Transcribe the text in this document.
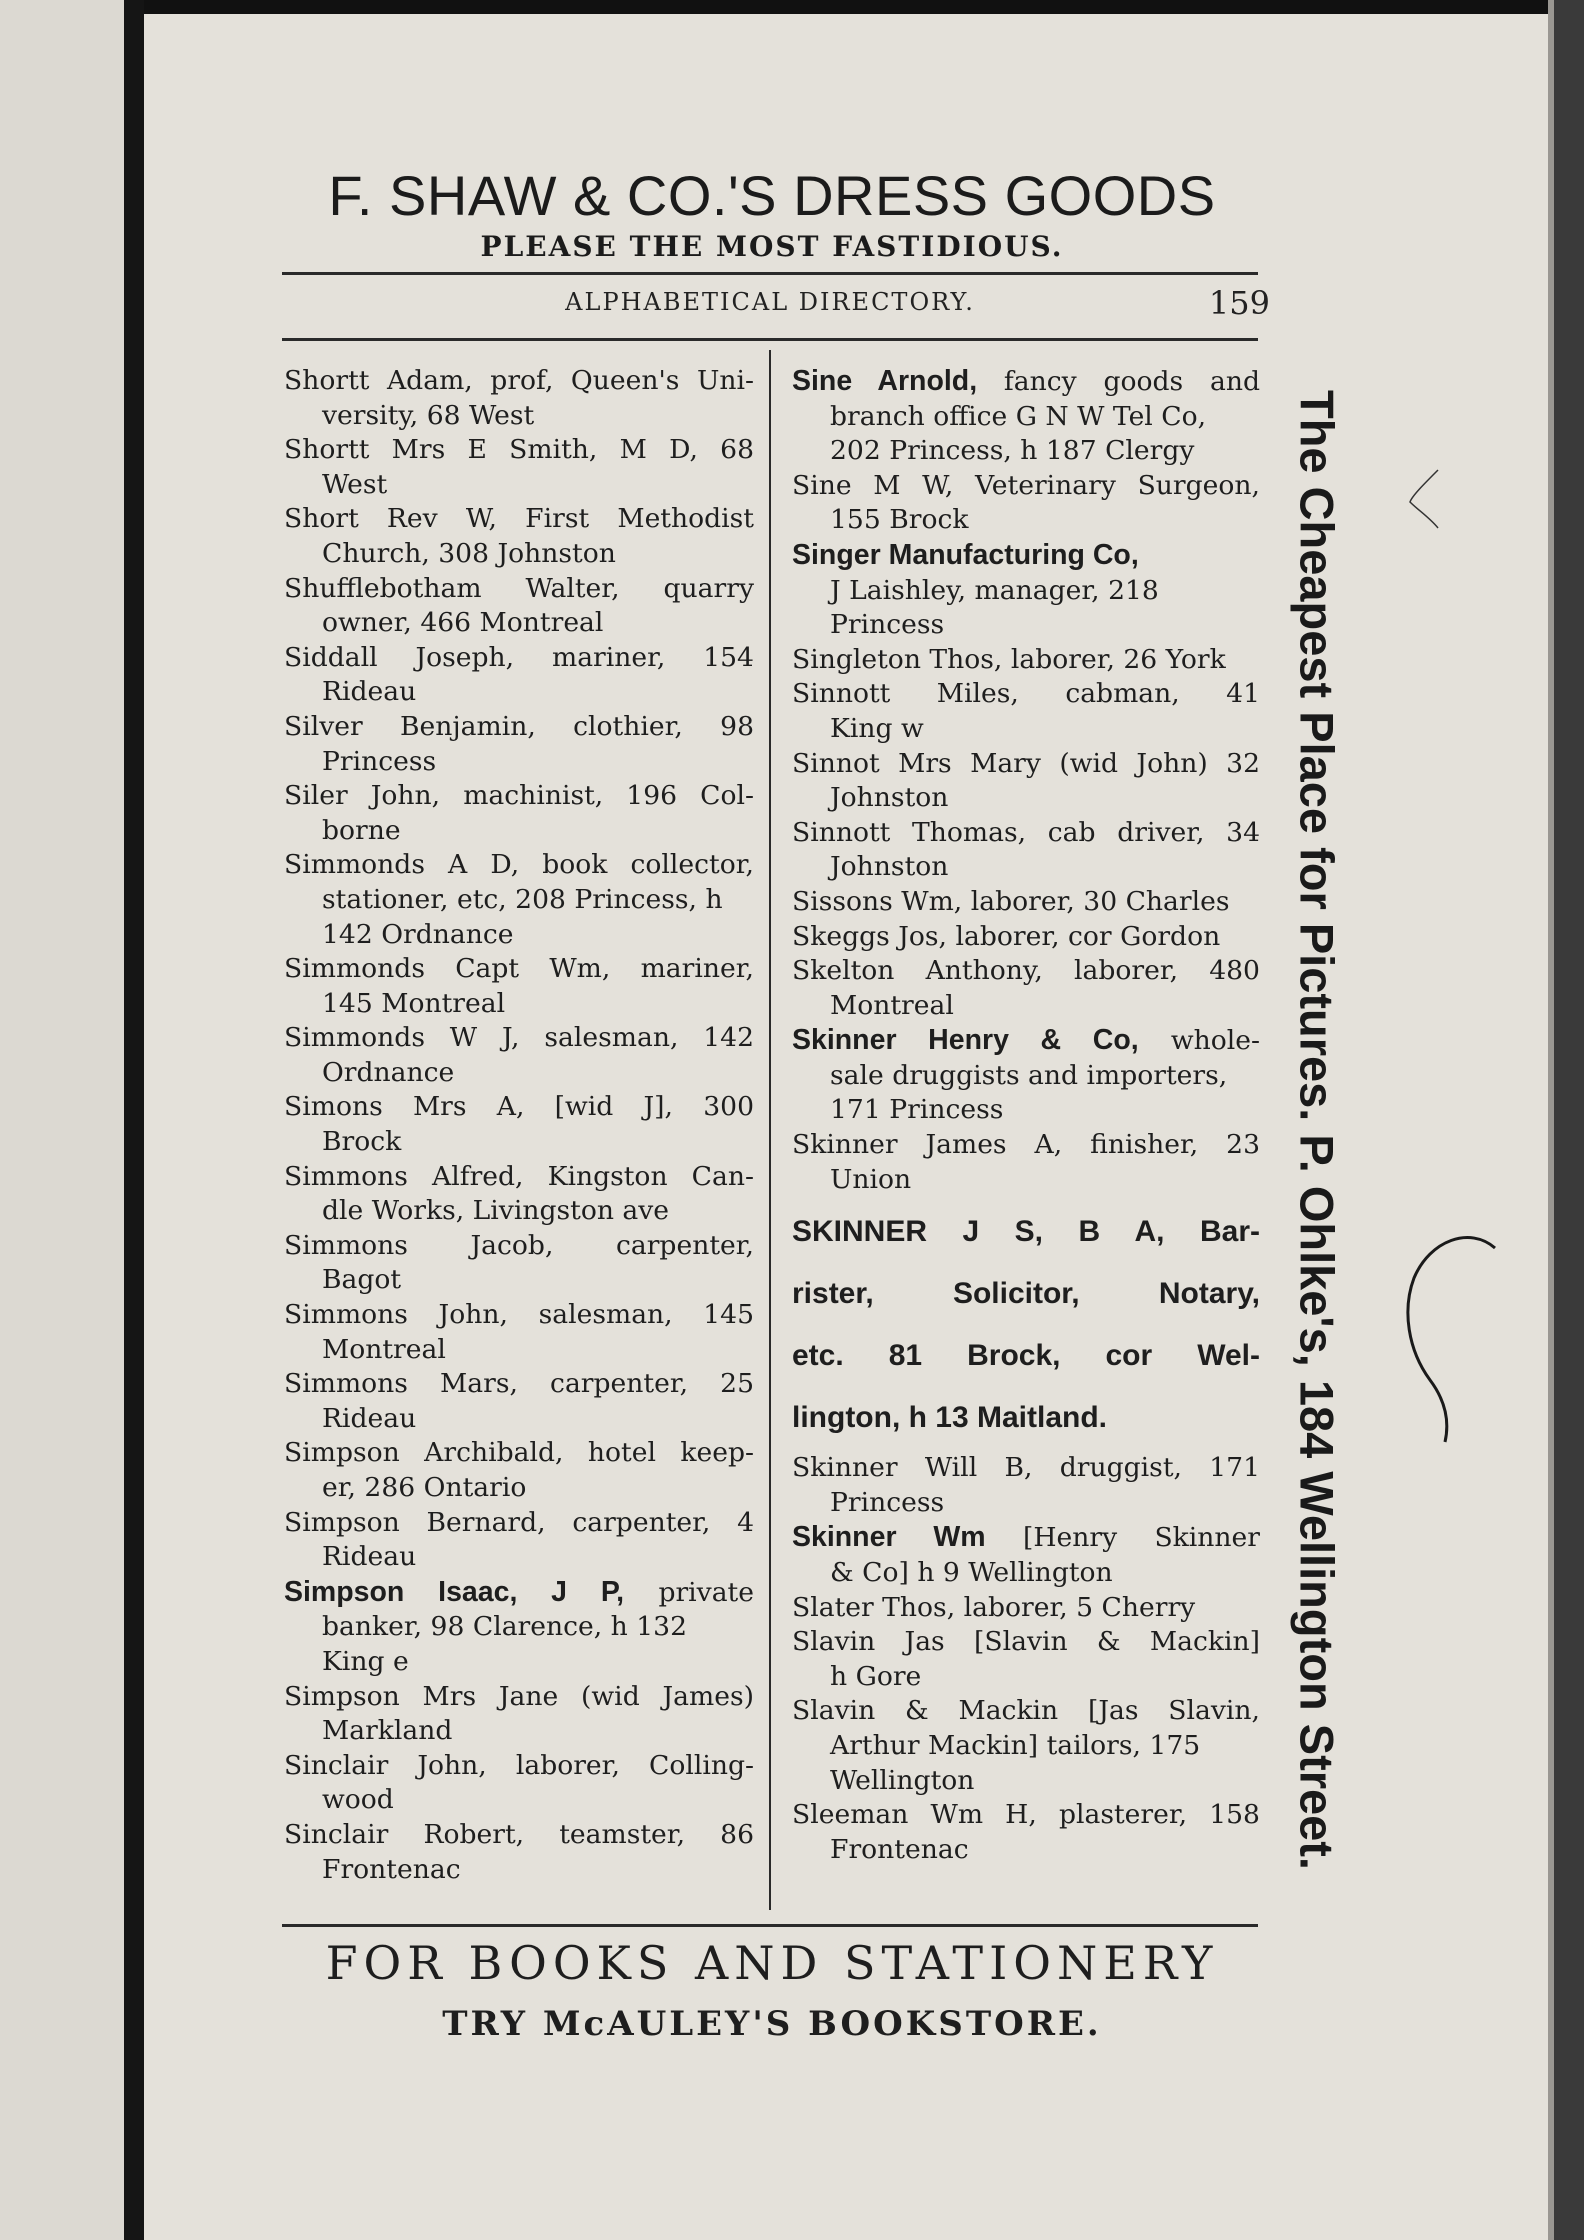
F. SHAW & CO.'S DRESS GOODS
PLEASE THE MOST FASTIDIOUS.
ALPHABETICAL DIRECTORY.	159
Shortt Adam, prof, Queen's Uni-
versity, 68 West
Shortt Mrs E Smith, M D, 68
West
Short Rev W, First Methodist
Church, 308 Johnston
Shufflebotham Walter, quarry
owner, 466 Montreal
Siddall Joseph, mariner, 154
Rideau
Silver Benjamin, clothier, 98
Princess
Siler John, machinist, 196 Col-
borne
Simmonds A D, book collector,
stationer, etc, 208 Princess, h
142 Ordnance
Simmonds Capt Wm, mariner,
145 Montreal
Simmonds W J, salesman, 142
Ordnance
Simons Mrs A, [wid J], 300
Brock
Simmons Alfred, Kingston Can-
dle Works, Livingston ave
Simmons Jacob, carpenter,
Bagot
Simmons John, salesman, 145
Montreal
Simmons Mars, carpenter, 25
Rideau
Simpson Archibald, hotel keep-
er, 286 Ontario
Simpson Bernard, carpenter, 4
Rideau
Simpson Isaac, J P, private
banker, 98 Clarence, h 132
King e
Simpson Mrs Jane (wid James)
Markland
Sinclair John, laborer, Colling-
wood
Sinclair Robert, teamster, 86
Frontenac
Sine Arnold, fancy goods and
branch office G N W Tel Co,
202 Princess, h 187 Clergy
Sine M W, Veterinary Surgeon,
155 Brock
Singer Manufacturing Co,
J Laishley, manager, 218
Princess
Singleton Thos, laborer, 26 York
Sinnott Miles, cabman, 41
King w
Sinnot Mrs Mary (wid John) 32
Johnston
Sinnott Thomas, cab driver, 34
Johnston
Sissons Wm, laborer, 30 Charles
Skeggs Jos, laborer, cor Gordon
Skelton Anthony, laborer, 480
Montreal
Skinner Henry & Co, whole-
sale druggists and importers,
171 Princess
Skinner James A, finisher, 23
Union
SKINNER J S, B A, Bar-
rister, Solicitor, Notary,
etc. 81 Brock, cor Wel-
lington, h 13 Maitland.
Skinner Will B, druggist, 171
Princess
Skinner Wm [Henry Skinner
& Co] h 9 Wellington
Slater Thos, laborer, 5 Cherry
Slavin Jas [Slavin & Mackin]
h Gore
Slavin & Mackin [Jas Slavin,
Arthur Mackin] tailors, 175
Wellington
Sleeman Wm H, plasterer, 158
Frontenac	The Cheapest Place for Pictures. P. Ohlke's, 184 Wellington Street.
FOR BOOKS AND STATIONERY
TRY McAULEY'S BOOKSTORE.
